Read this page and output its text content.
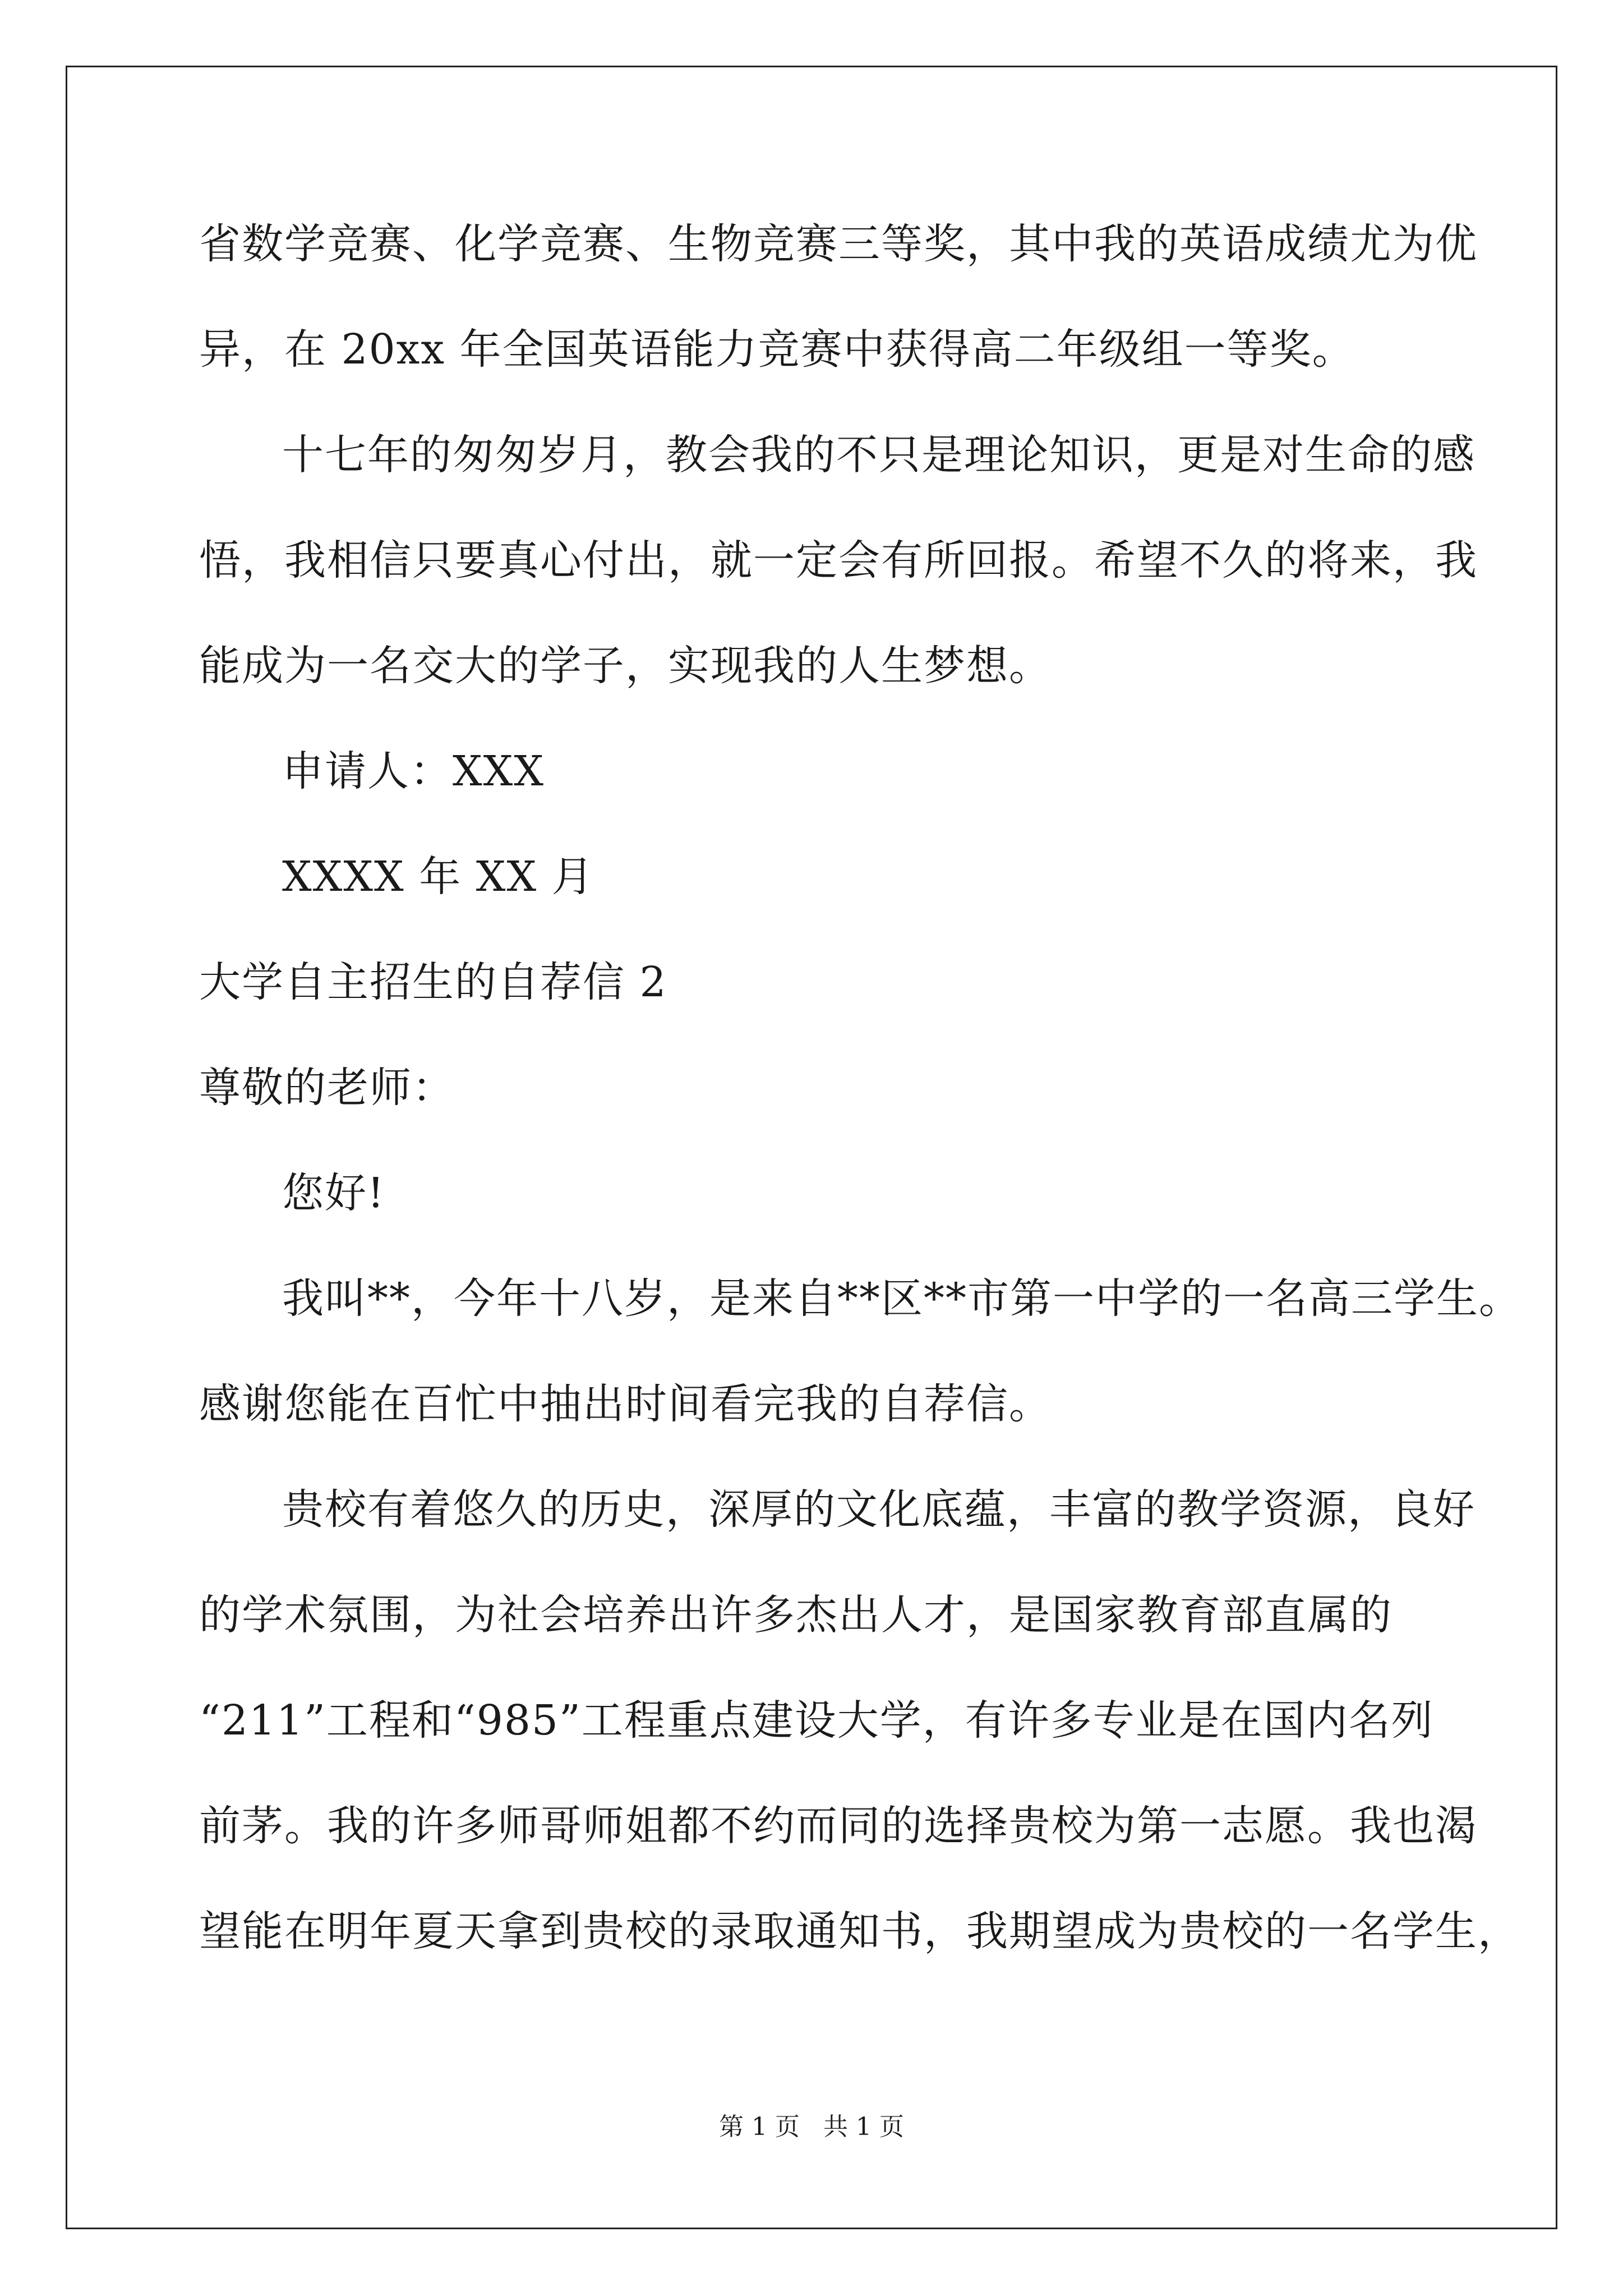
省数学竞赛、化学竞赛、生物竞赛三等奖，其中我的英语成绩尤为优
异，在 20xx 年全国英语能力竞赛中获得高二年级组一等奖。
十七年的匆匆岁月，教会我的不只是理论知识，更是对生命的感
悟，我相信只要真心付出，就一定会有所回报。希望不久的将来，我
能成为一名交大的学子，实现我的人生梦想。
申请人：XXX
XXXX 年 XX 月
大学自主招生的自荐信 2
尊敬的老师：
您好!
我叫**，今年十八岁，是来自**区**市第一中学的一名高三学生。
感谢您能在百忙中抽出时间看完我的自荐信。
贵校有着悠久的历史，深厚的文化底蕴，丰富的教学资源，良好
的学术氛围，为社会培养出许多杰出人才，是国家教育部直属的
“211”工程和“985”工程重点建设大学，有许多专业是在国内名列
前茅。我的许多师哥师姐都不约而同的选择贵校为第一志愿。我也渴
望能在明年夏天拿到贵校的录取通知书，我期望成为贵校的一名学生，
第 1 页   共 1 页
